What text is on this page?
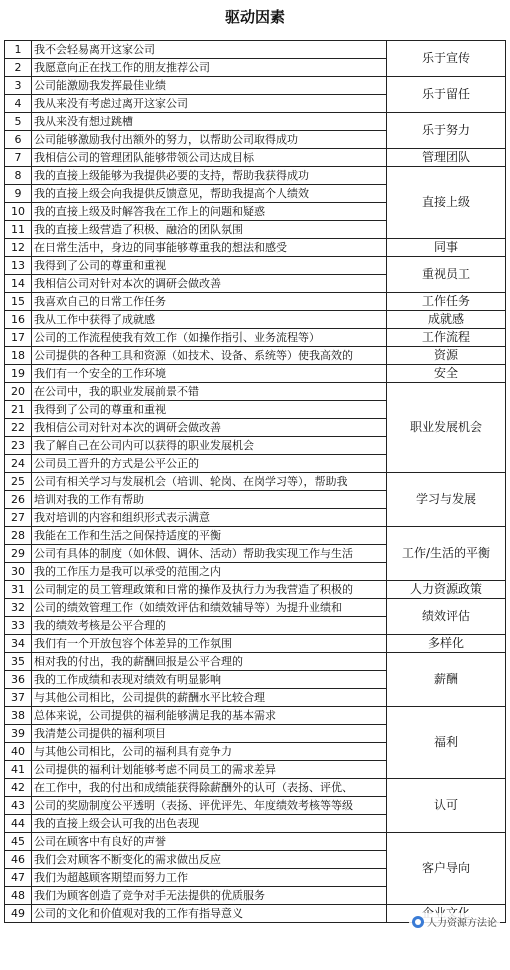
驱动因素
1	我不会轻易离开这家公司	乐于宣传
2	我愿意向正在找工作的朋友推荐公司	
3	公司能激励我发挥最佳业绩	乐于留任
4	我从来没有考虑过离开这家公司	
5	我从来没有想过跳槽	乐于努力
6	公司能够激励我付出额外的努力，以帮助公司取得成功	
7	我相信公司的管理团队能够带领公司达成目标	管理团队
8	我的直接上级能够为我提供必要的支持，帮助我获得成功	直接上级
9	我的直接上级会向我提供反馈意见，帮助我提高个人绩效	
10	我的直接上级及时解答我在工作上的问题和疑惑	
11	我的直接上级营造了积极、融洽的团队氛围	
12	在日常生活中，身边的同事能够尊重我的想法和感受	同事
13	我得到了公司的尊重和重视	重视员工
14	我相信公司对针对本次的调研会做改善	
15	我喜欢自己的日常工作任务	工作任务
16	我从工作中获得了成就感	成就感
17	公司的工作流程使我有效工作（如操作指引、业务流程等）	工作流程
18	公司提供的各种工具和资源（如技术、设备、系统等）使我高效的	资源
19	我们有一个安全的工作环境	安全
20	在公司中，我的职业发展前景不错	职业发展机会
21	我得到了公司的尊重和重视	
22	我相信公司对针对本次的调研会做改善	
23	我了解自己在公司内可以获得的职业发展机会	
24	公司员工晋升的方式是公平公正的	
25	公司有相关学习与发展机会（培训、轮岗、在岗学习等），帮助我	学习与发展
26	培训对我的工作有帮助	
27	我对培训的内容和组织形式表示满意	
28	我能在工作和生活之间保持适度的平衡	工作/生活的平衡
29	公司有具体的制度（如休假、调休、活动）帮助我实现工作与生活	
30	我的工作压力是我可以承受的范围之内	
31	公司制定的员工管理政策和日常的操作及执行力为我营造了积极的	人力资源政策
32	公司的绩效管理工作（如绩效评估和绩效辅导等）为提升业绩和	绩效评估
33	我的绩效考核是公平合理的	
34	我们有一个开放包容个体差异的工作氛围	多样化
35	相对我的付出，我的薪酬回报是公平合理的	薪酬
36	我的工作成绩和表现对绩效有明显影响	
37	与其他公司相比，公司提供的薪酬水平比较合理	
38	总体来说，公司提供的福利能够满足我的基本需求	福利
39	我清楚公司提供的福利项目	
40	与其他公司相比，公司的福利具有竞争力	
41	公司提供的福利计划能够考虑不同员工的需求差异	
42	在工作中，我的付出和成绩能获得除薪酬外的认可（表扬、评优、	认可
43	公司的奖励制度公平透明（表扬、评优评先、年度绩效考核等等级	
44	我的直接上级会认可我的出色表现	
45	公司在顾客中有良好的声誉	客户导向
46	我们会对顾客不断变化的需求做出反应	
47	我们为超越顾客期望而努力工作	
48	我们为顾客创造了竞争对手无法提供的优质服务	
49	公司的文化和价值观对我的工作有指导意义	
人力资源方法论
